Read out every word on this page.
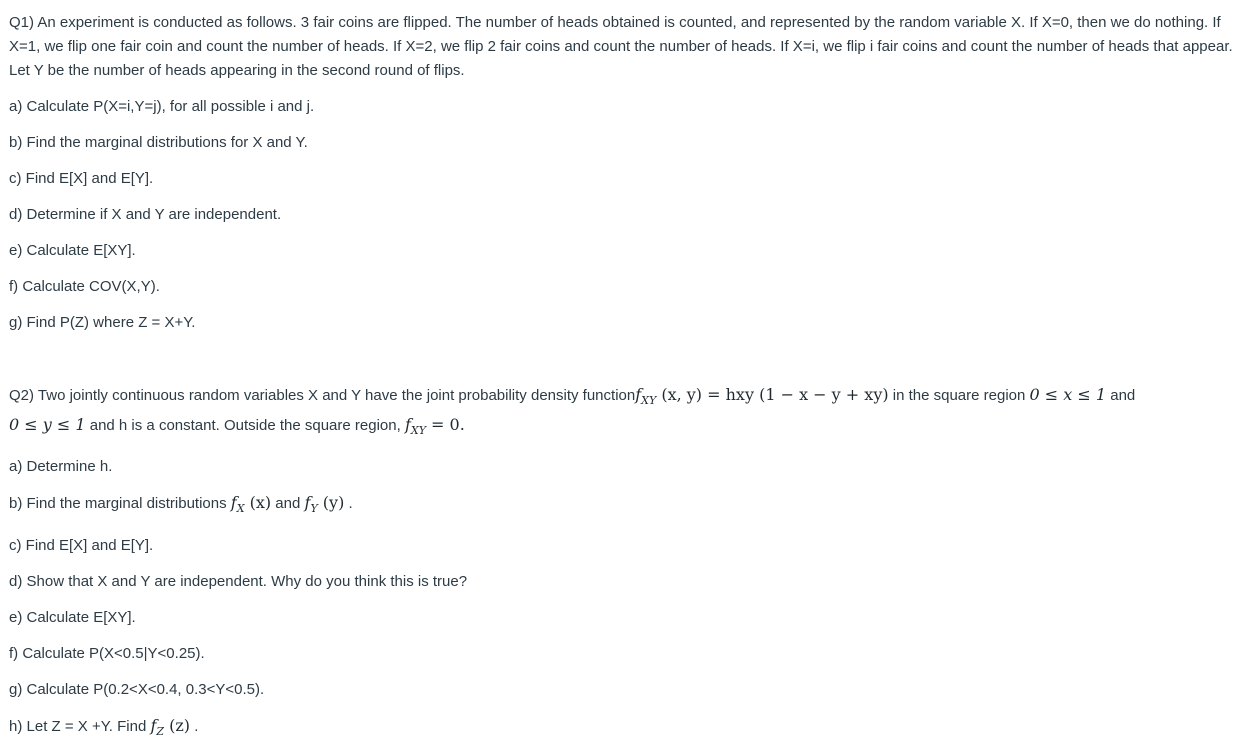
Q1) An experiment is conducted as follows. 3 fair coins are flipped. The number of heads obtained is counted, and represented by the random variable X. If X=0, then we do nothing. If X=1, we flip one fair coin and count the number of heads. If X=2, we flip 2 fair coins and count the number of heads. If X=i, we flip i fair coins and count the number of heads that appear. Let Y be the number of heads appearing in the second round of flips.

a) Calculate P(X=i,Y=j), for all possible i and j.

b) Find the marginal distributions for X and Y.

c) Find E[X] and E[Y].

d) Determine if X and Y are independent.

e) Calculate E[XY].

f) Calculate COV(X,Y).

g) Find P(Z) where Z = X+Y.

Q2) Two jointly continuous random variables X and Y have the joint probability density functionf$_{XY}$ (x, y) = hxy (1 − x − y + xy) in the square region 0 ≤ x ≤ 1 and
0 ≤ y ≤ 1 and h is a constant. Outside the square region, $f_{XY} = 0$.

a) Determine h.

b) Find the marginal distributions $f_X$ (x) and $f_Y$ (y) .

c) Find E[X] and E[Y].

d) Show that X and Y are independent. Why do you think this is true?

e) Calculate E[XY].

f) Calculate P(X<0.5|Y<0.25).

g) Calculate P(0.2<X<0.4, 0.3<Y<0.5).

h) Let Z = X +Y. Find $f_Z$ (z) .
